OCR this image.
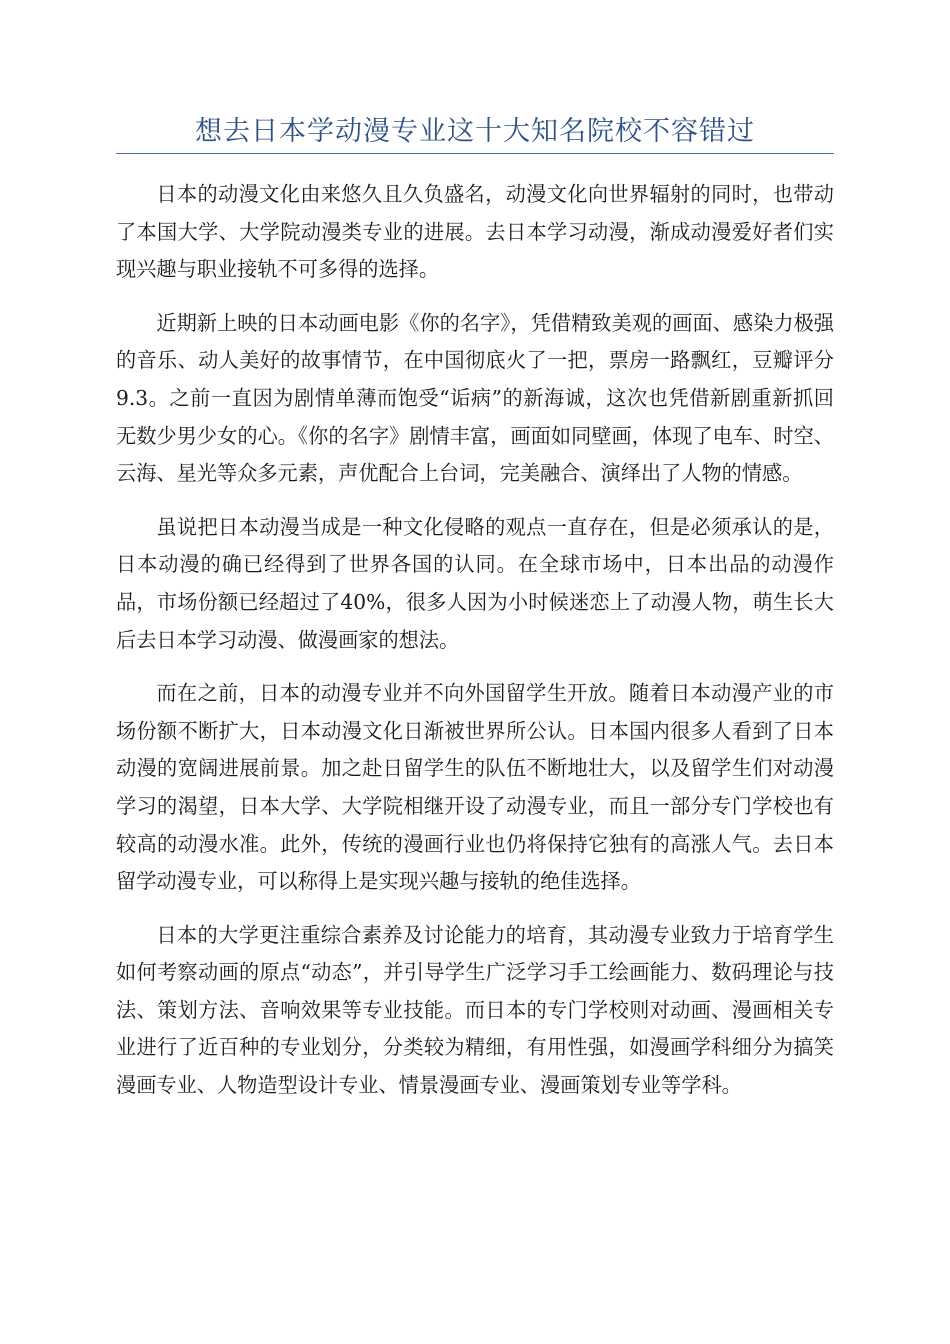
想去日本学动漫专业这十大知名院校不容错过

日本的动漫文化由来悠久且久负盛名，动漫文化向世界辐射的同时，也带动了本国大学、大学院动漫类专业的进展。去日本学习动漫，渐成动漫爱好者们实现兴趣与职业接轨不可多得的选择。

近期新上映的日本动画电影《你的名字》，凭借精致美观的画面、感染力极强的音乐、动人美好的故事情节，在中国彻底火了一把，票房一路飘红，豆瓣评分9.3。之前一直因为剧情单薄而饱受“诟病”的新海诚，这次也凭借新剧重新抓回无数少男少女的心。《你的名字》剧情丰富，画面如同壁画，体现了电车、时空、云海、星光等众多元素，声优配合上台词，完美融合、演绎出了人物的情感。

虽说把日本动漫当成是一种文化侵略的观点一直存在，但是必须承认的是，日本动漫的确已经得到了世界各国的认同。在全球市场中，日本出品的动漫作品，市场份额已经超过了40%，很多人因为小时候迷恋上了动漫人物，萌生长大后去日本学习动漫、做漫画家的想法。

而在之前，日本的动漫专业并不向外国留学生开放。随着日本动漫产业的市场份额不断扩大，日本动漫文化日渐被世界所公认。日本国内很多人看到了日本动漫的宽阔进展前景。加之赴日留学生的队伍不断地壮大，以及留学生们对动漫学习的渴望，日本大学、大学院相继开设了动漫专业，而且一部分专门学校也有较高的动漫水准。此外，传统的漫画行业也仍将保持它独有的高涨人气。去日本留学动漫专业，可以称得上是实现兴趣与接轨的绝佳选择。

日本的大学更注重综合素养及讨论能力的培育，其动漫专业致力于培育学生如何考察动画的原点“动态”，并引导学生广泛学习手工绘画能力、数码理论与技法、策划方法、音响效果等专业技能。而日本的专门学校则对动画、漫画相关专业进行了近百种的专业划分，分类较为精细，有用性强，如漫画学科细分为搞笑漫画专业、人物造型设计专业、情景漫画专业、漫画策划专业等学科。
